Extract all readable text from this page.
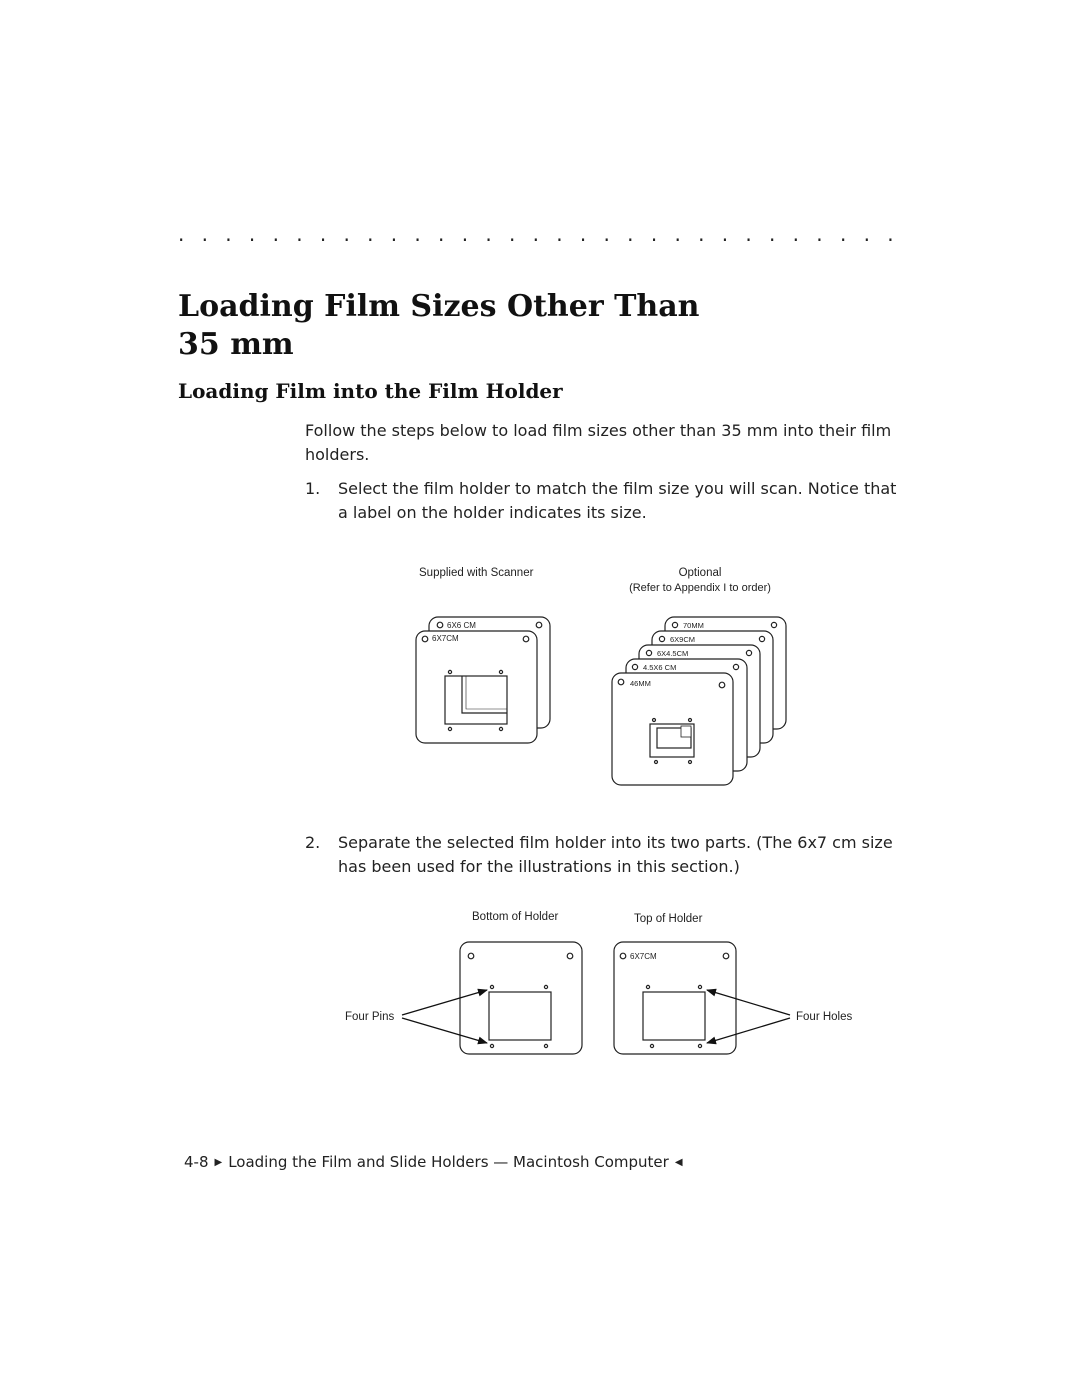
. . . . . . . . . . . . . . . . . . . . . . . . . . . . . . .
Loading Film Sizes Other Than
35 mm
Loading Film into the Film Holder

Follow the steps below to load film sizes other than 35 mm into their film
holders.

1. Select the film holder to match the film size you will scan. Notice that
a label on the holder indicates its size.
Supplied with Scanner	Optional
(Refer to Appendix I to order)
6X6 CM
6X7CM
70MM
6X9CM
6X4.5CM
4.5X6 CM
46MM
2. Separate the selected film holder into its two parts. (The 6x7 cm size
has been used for the illustrations in this section.)
Bottom of Holder	Top of Holder
6X7CM
Four Pins	Four Holes
4-8 ▶ Loading the Film and Slide Holders — Macintosh Computer ◀
